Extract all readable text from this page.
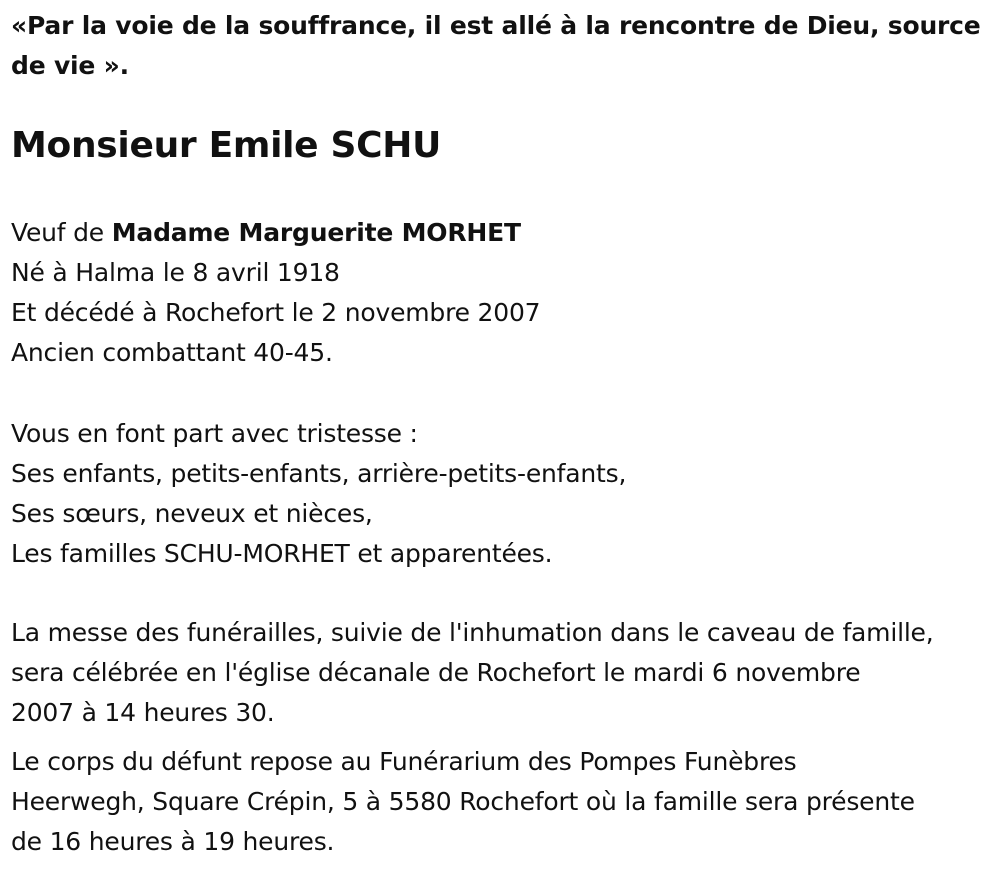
«Par la voie de la souffrance, il est allé à la rencontre de Dieu, source de vie ».
Monsieur Emile SCHU
Veuf de Madame Marguerite MORHET
Né à Halma le 8 avril 1918
Et décédé à Rochefort le 2 novembre 2007
Ancien combattant 40-45.
Vous en font part avec tristesse :
Ses enfants, petits-enfants, arrière-petits-enfants,
Ses sœurs, neveux et nièces,
Les familles SCHU-MORHET et apparentées.
La messe des funérailles, suivie de l'inhumation dans le caveau de famille,
sera célébrée en l'église décanale de Rochefort le mardi 6 novembre
2007 à 14 heures 30.
Le corps du défunt repose au Funérarium des Pompes Funèbres
Heerwegh, Square Crépin, 5 à 5580 Rochefort où la famille sera présente
de 16 heures à 19 heures.
